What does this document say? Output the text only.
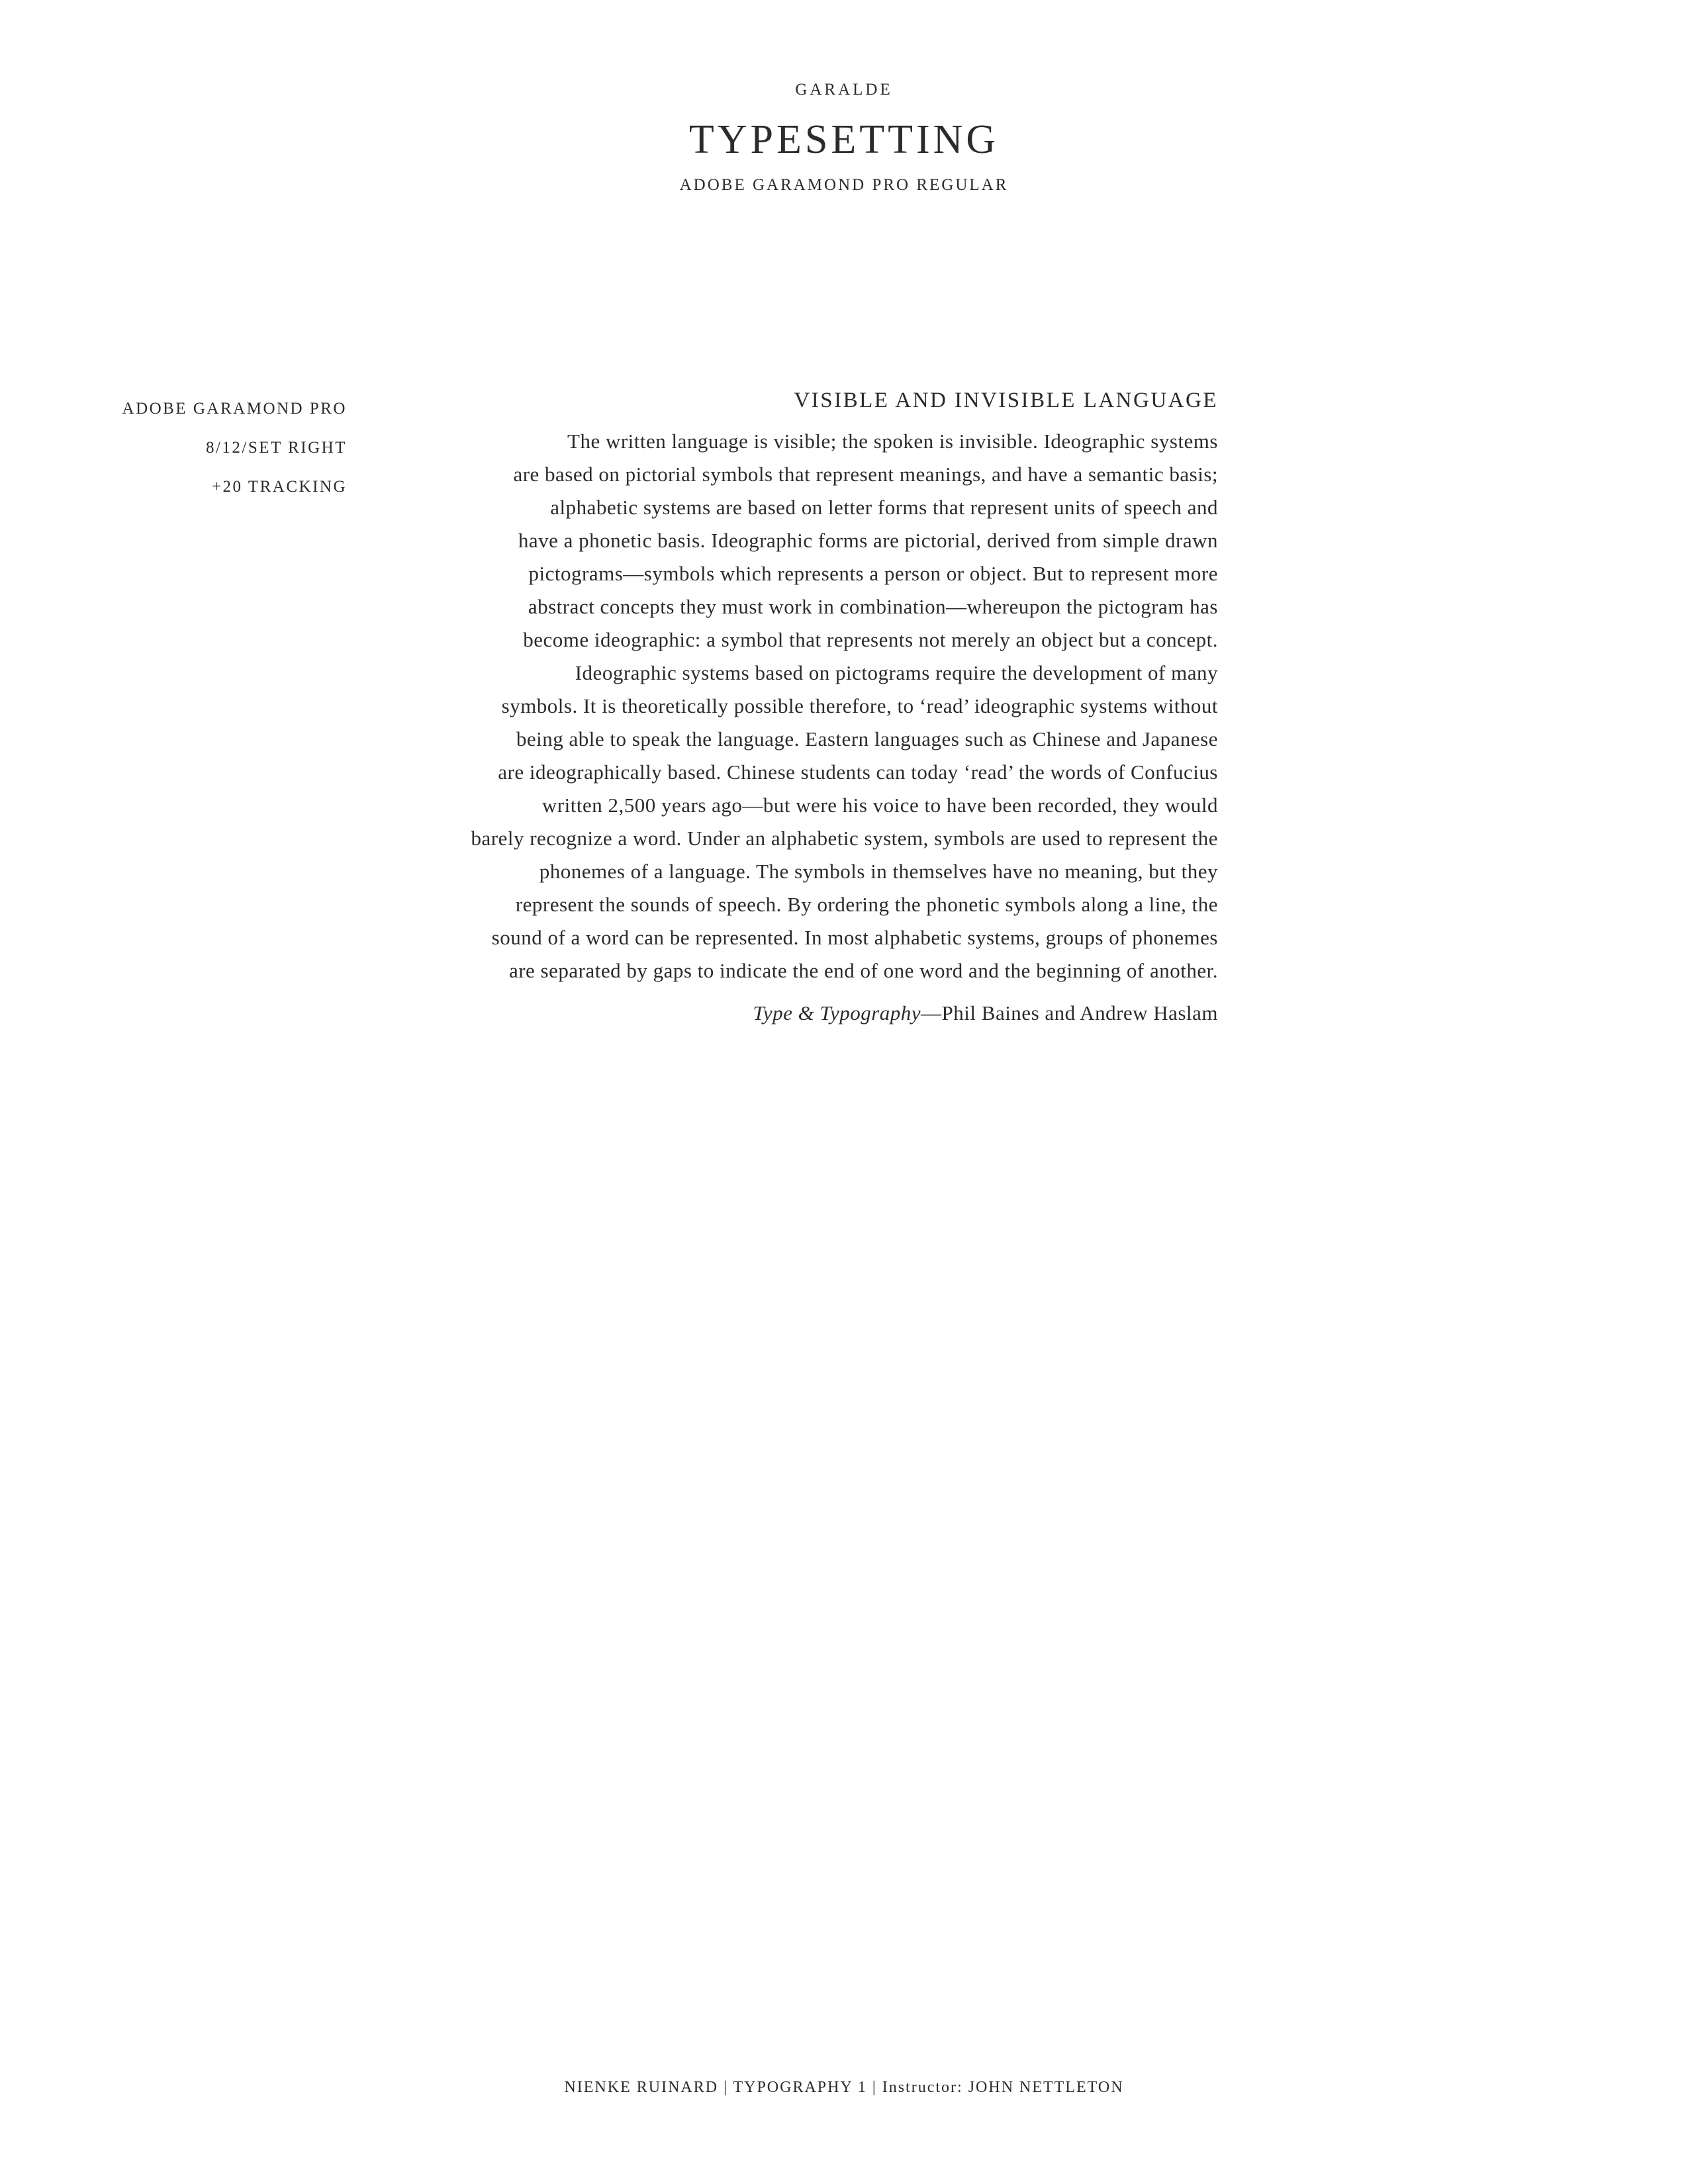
GARALDE
TYPESETTING
ADOBE GARAMOND PRO REGULAR
ADOBE GARAMOND PRO
8/12/SET RIGHT
+20 TRACKING
VISIBLE AND INVISIBLE LANGUAGE
The written language is visible; the spoken is invisible. Ideographic systems
are based on pictorial symbols that represent meanings, and have a semantic basis;
alphabetic systems are based on letter forms that represent units of speech and
have a phonetic basis. Ideographic forms are pictorial, derived from simple drawn
pictograms—symbols which represents a person or object. But to represent more
abstract concepts they must work in combination—whereupon the pictogram has
become ideographic: a symbol that represents not merely an object but a concept.
Ideographic systems based on pictograms require the development of many
symbols. It is theoretically possible therefore, to ‘read’ ideographic systems without
being able to speak the language. Eastern languages such as Chinese and Japanese
are ideographically based. Chinese students can today ‘read’ the words of Confucius
written 2,500 years ago—but were his voice to have been recorded, they would
barely recognize a word. Under an alphabetic system, symbols are used to represent the
phonemes of a language. The symbols in themselves have no meaning, but they
represent the sounds of speech. By ordering the phonetic symbols along a line, the
sound of a word can be represented. In most alphabetic systems, groups of phonemes
are separated by gaps to indicate the end of one word and the beginning of another.
Type & Typography—Phil Baines and Andrew Haslam
NIENKE RUINARD | TYPOGRAPHY 1 | Instructor: JOHN NETTLETON
